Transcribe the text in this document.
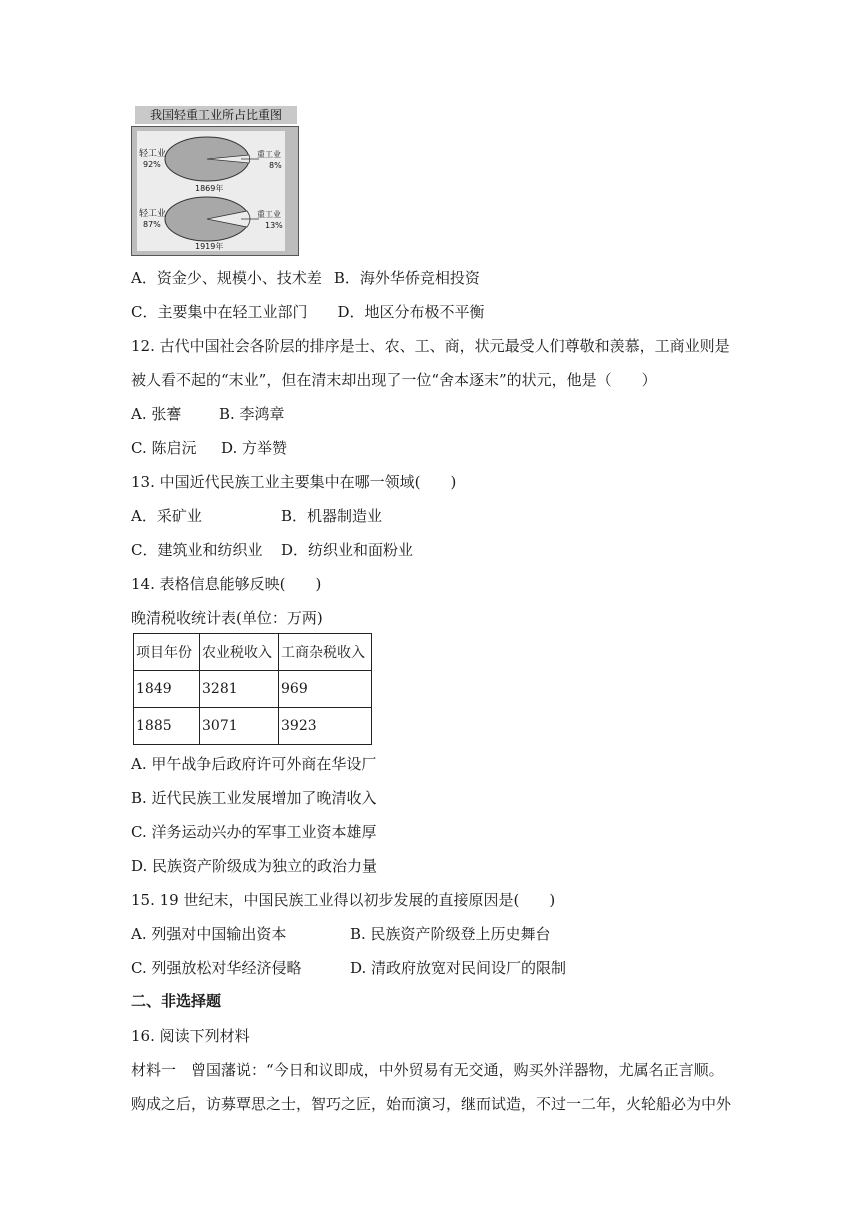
我国轻重工业所占比重图
轻工业
92%
重工业
8%
1869年
轻工业
87%
重工业
13%
1919年
A．资金少、规模小、技术差 B．海外华侨竞相投资
C．主要集中在轻工业部门 D．地区分布极不平衡
12. 古代中国社会各阶层的排序是士、农、工、商，状元最受人们尊敬和羡慕，工商业则是
被人看不起的“末业”，但在清末却出现了一位“舍本逐末”的状元，他是（　　）
A. 张謇	B. 李鸿章
C. 陈启沅 D. 方举赞
13. 中国近代民族工业主要集中在哪一领域(　　)
A．采矿业	B．机器制造业
C．建筑业和纺织业 D．纺织业和面粉业
14. 表格信息能够反映(　　)
晚清税收统计表(单位：万两)
项目年份	农业税收入	工商杂税收入
1849	3281	969
1885	3071	3923
A. 甲午战争后政府许可外商在华设厂
B. 近代民族工业发展增加了晚清收入
C. 洋务运动兴办的军事工业资本雄厚
D. 民族资产阶级成为独立的政治力量
15. 19 世纪末，中国民族工业得以初步发展的直接原因是(　　)
A. 列强对中国输出资本	B. 民族资产阶级登上历史舞台
C. 列强放松对华经济侵略	D. 清政府放宽对民间设厂的限制
二、非选择题
16. 阅读下列材料
材料一　曾国藩说：“今日和议即成，中外贸易有无交通，购买外洋器物，尤属名正言顺。
购成之后，访募覃思之士，智巧之匠，始而演习，继而试造，不过一二年，火轮船必为中外
